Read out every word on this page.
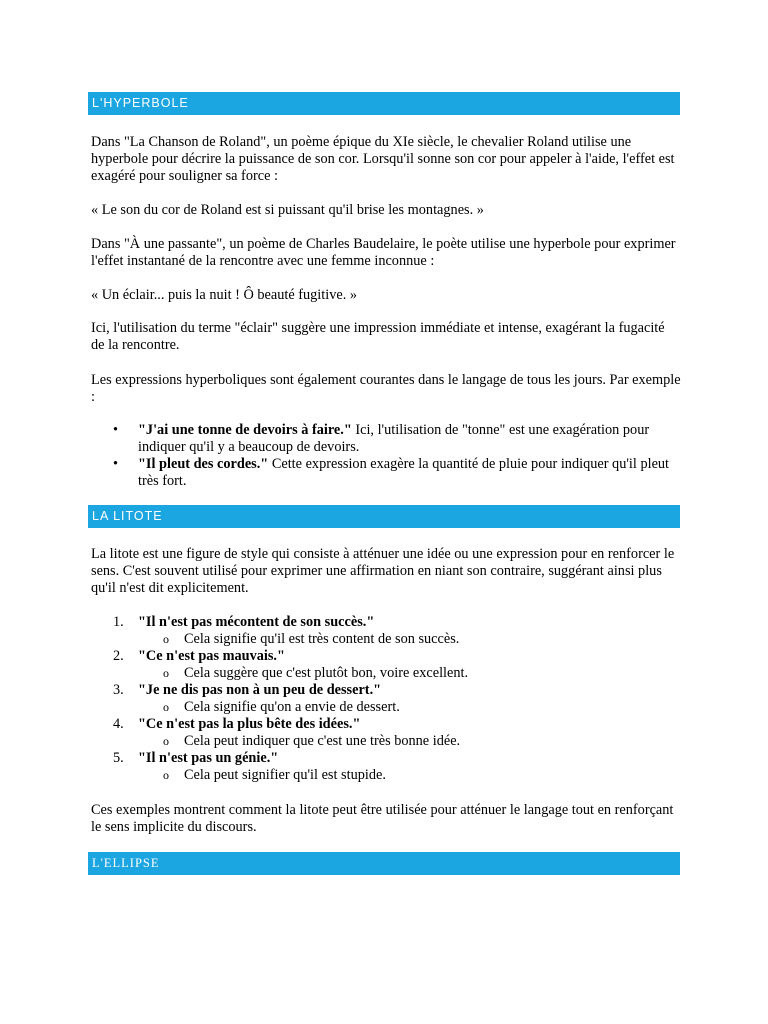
L'HYPERBOLE

Dans "La Chanson de Roland", un poème épique du XIe siècle, le chevalier Roland utilise une hyperbole pour décrire la puissance de son cor. Lorsqu'il sonne son cor pour appeler à l'aide, l'effet est exagéré pour souligner sa force :

« Le son du cor de Roland est si puissant qu'il brise les montagnes. »

Dans "À une passante", un poème de Charles Baudelaire, le poète utilise une hyperbole pour exprimer l'effet instantané de la rencontre avec une femme inconnue :

« Un éclair... puis la nuit ! Ô beauté fugitive. »

Ici, l'utilisation du terme "éclair" suggère une impression immédiate et intense, exagérant la fugacité de la rencontre.

Les expressions hyperboliques sont également courantes dans le langage de tous les jours. Par exemple :

• "J'ai une tonne de devoirs à faire." Ici, l'utilisation de "tonne" est une exagération pour indiquer qu'il y a beaucoup de devoirs.
• "Il pleut des cordes." Cette expression exagère la quantité de pluie pour indiquer qu'il pleut très fort.
LA LITOTE

La litote est une figure de style qui consiste à atténuer une idée ou une expression pour en renforcer le sens. C'est souvent utilisé pour exprimer une affirmation en niant son contraire, suggérant ainsi plus qu'il n'est dit explicitement.

1. "Il n'est pas mécontent de son succès."
o Cela signifie qu'il est très content de son succès.
2. "Ce n'est pas mauvais."
o Cela suggère que c'est plutôt bon, voire excellent.
3. "Je ne dis pas non à un peu de dessert."
o Cela signifie qu'on a envie de dessert.
4. "Ce n'est pas la plus bête des idées."
o Cela peut indiquer que c'est une très bonne idée.
5. "Il n'est pas un génie."
o Cela peut signifier qu'il est stupide.

Ces exemples montrent comment la litote peut être utilisée pour atténuer le langage tout en renforçant le sens implicite du discours.

L'ELLIPSE
